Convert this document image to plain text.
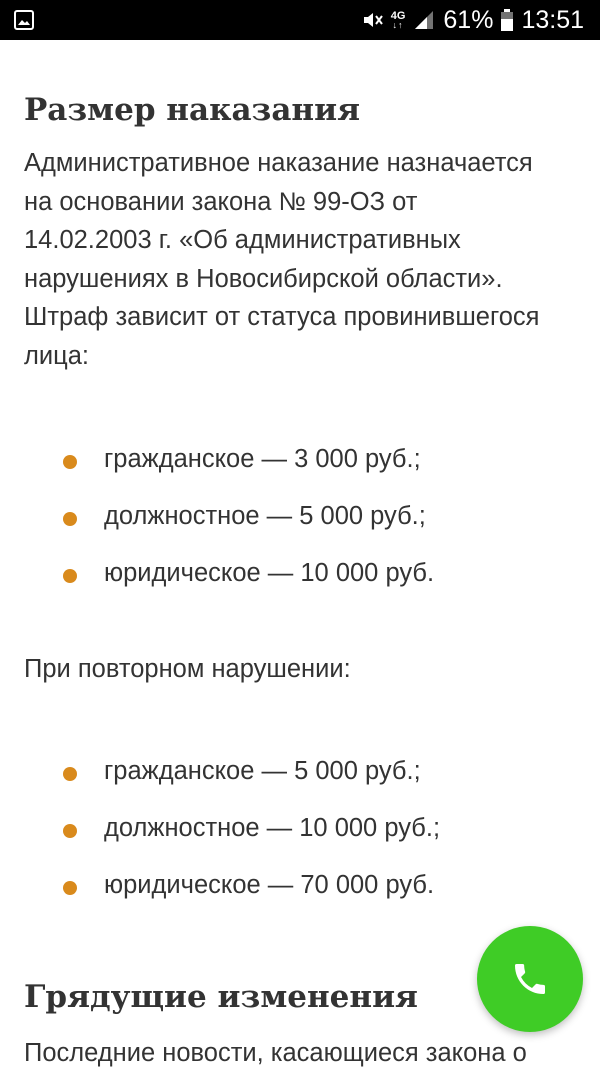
4G
↓↑ 61% 13:51
Размер наказания

Административное наказание назначается
на основании закона № 99-ОЗ от
14.02.2003 г. «Об административных
нарушениях в Новосибирской области».
Штраф зависит от статуса провинившегося
лица:

гражданское — 3 000 руб.;
должностное — 5 000 руб.;
юридическое — 10 000 руб.

При повторном нарушении:

гражданское — 5 000 руб.;
должностное — 10 000 руб.;
юридическое — 70 000 руб.
Грядущие изменения

Последние новости, касающиеся закона о
